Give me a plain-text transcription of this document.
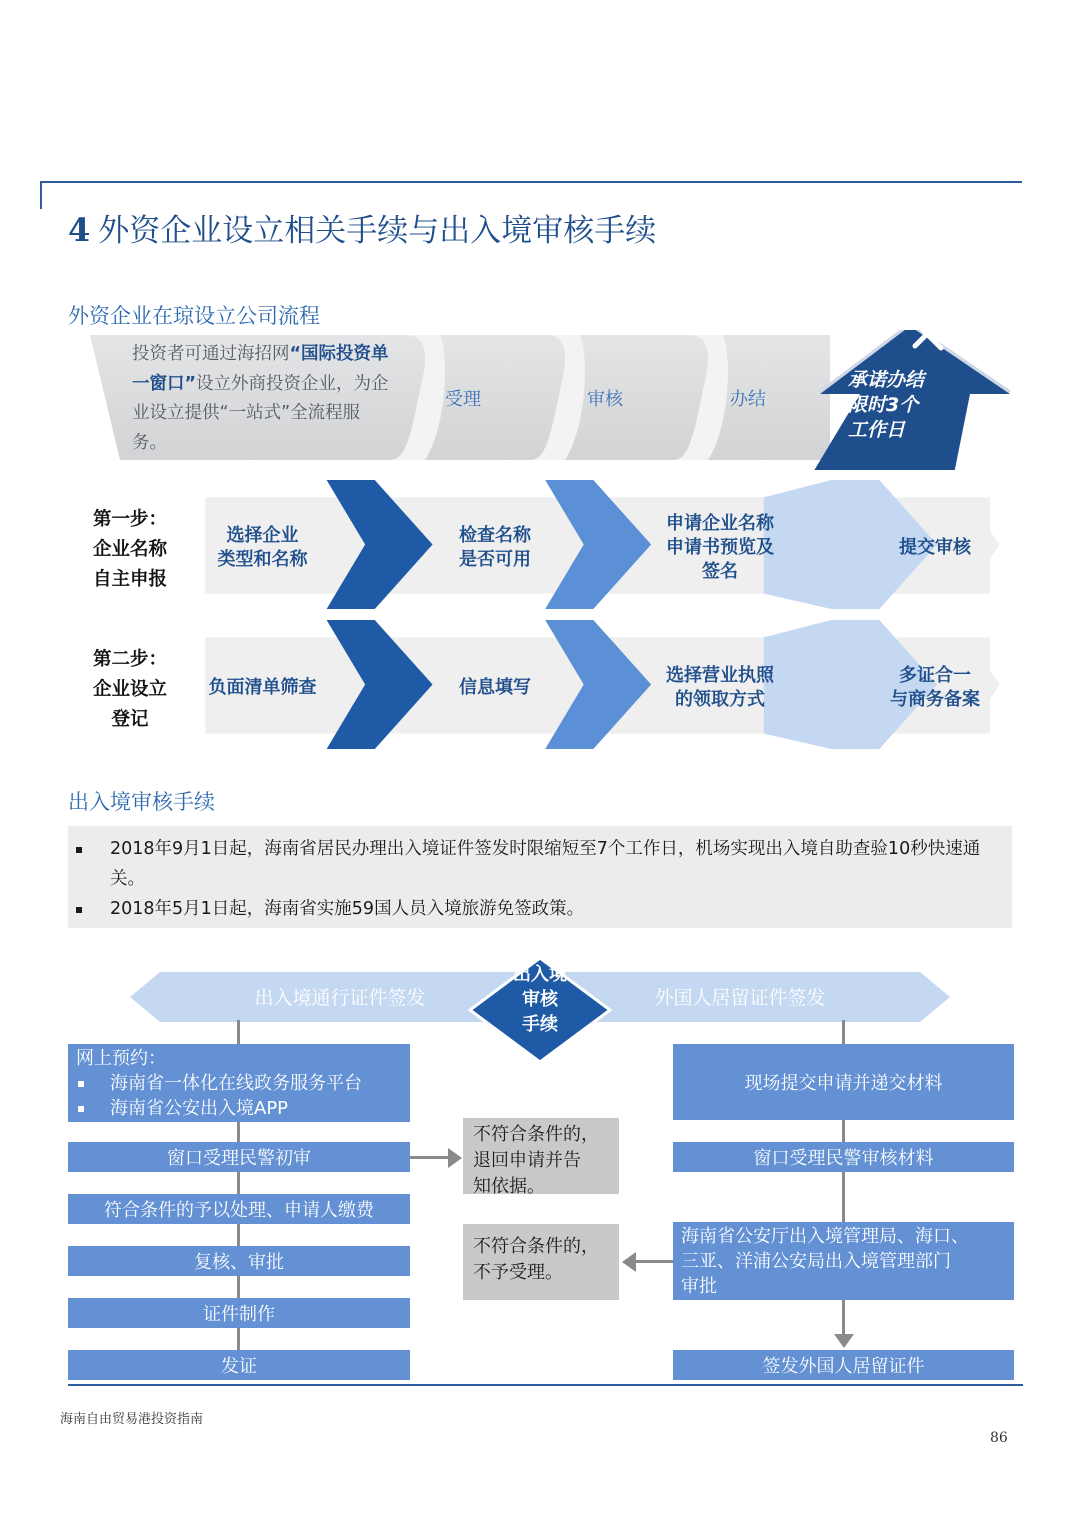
4 外资企业设立相关手续与出入境审核手续
外资企业在琼设立公司流程
投资者可通过海招网“国际投资单一窗口”设立外商投资企业，为企业设立提供“一站式”全流程服务。
受理	审核	办结
承诺办结
限时3个
工作日
第一步：
企业名称
自主申报
选择企业
类型和名称
检查名称
是否可用
申请企业名称
申请书预览及
签名
提交审核
第二步：
企业设立
登记
负面清单筛查	信息填写
选择营业执照
的领取方式
多证合一
与商务备案
出入境审核手续
2018年9月1日起，海南省居民办理出入境证件签发时限缩短至7个工作日，机场实现出入境自助查验10秒快速通关。
2018年5月1日起，海南省实施59国人员入境旅游免签政策。
出入境通行证件签发	外国人居留证件签发
出入境
审核
手续
网上预约：
海南省一体化在线政务服务平台
海南省公安出入境APP
窗口受理民警初审
符合条件的予以处理、申请人缴费
复核、审批
证件制作
发证
不符合条件的，
退回申请并告
知依据。
不符合条件的，
不予受理。
现场提交申请并递交材料
窗口受理民警审核材料
海南省公安厅出入境管理局、海口、
三亚、洋浦公安局出入境管理部门
审批
签发外国人居留证件
海南自由贸易港投资指南
86
